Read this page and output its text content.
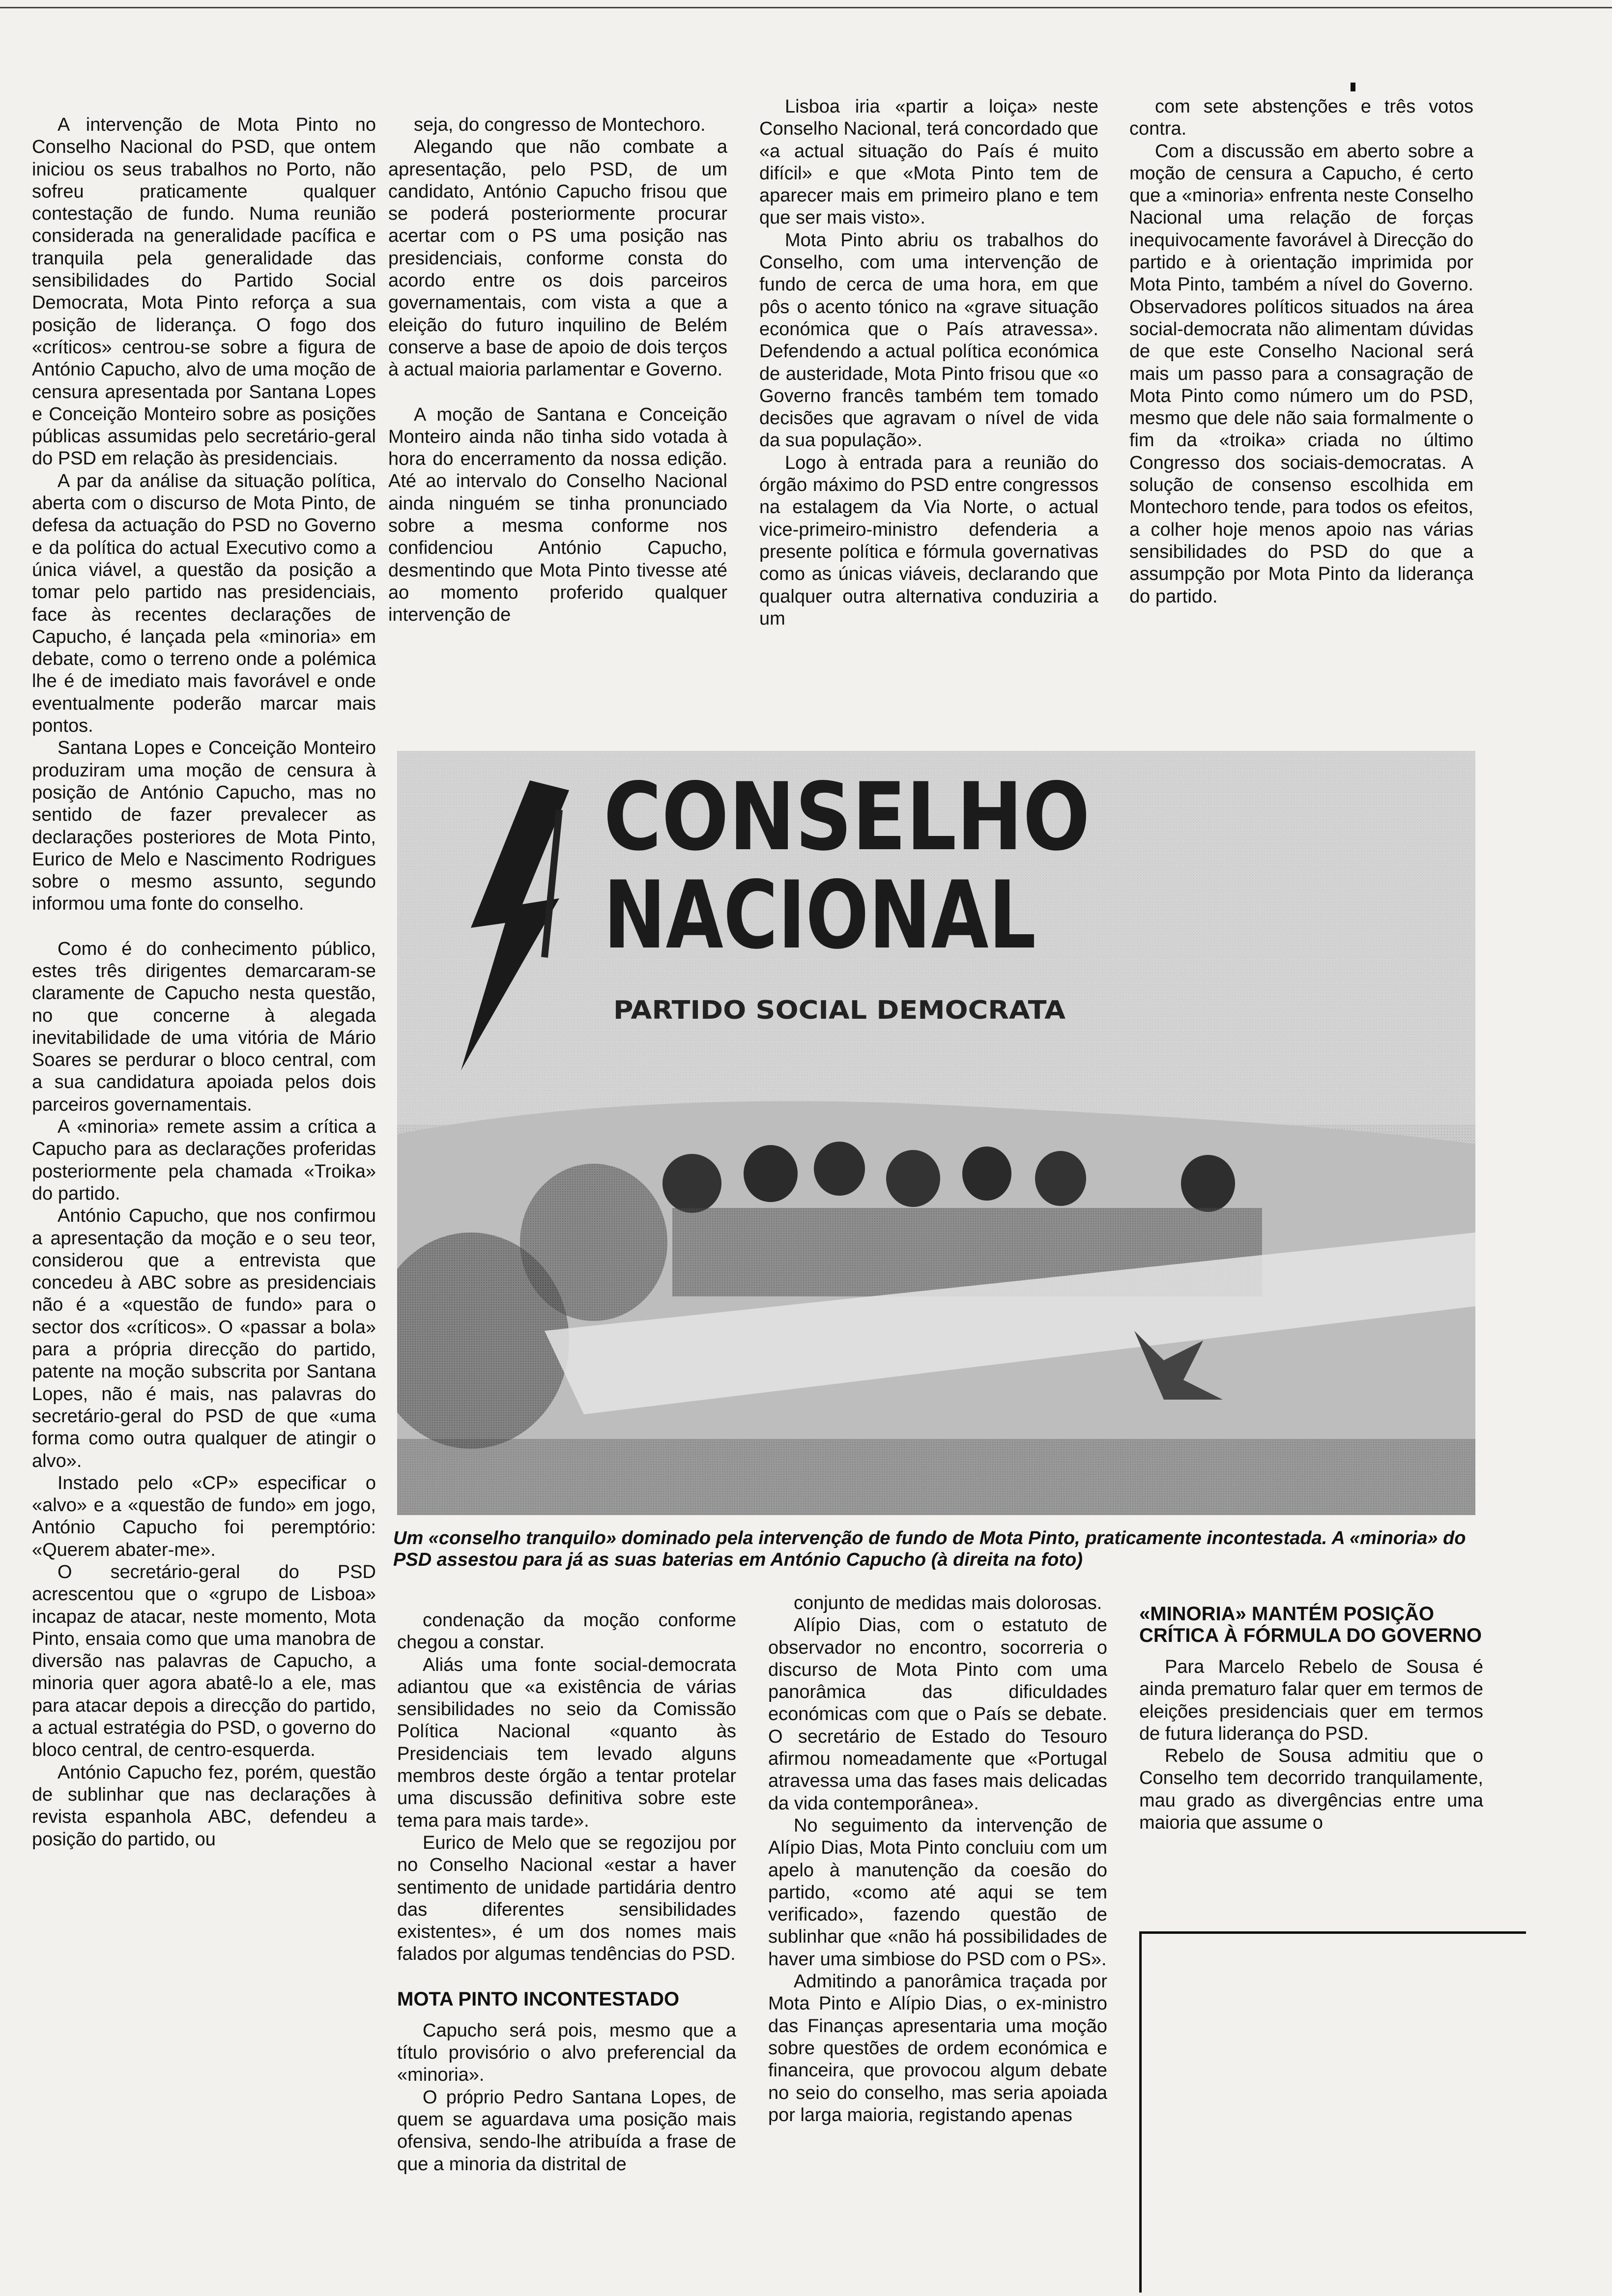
A intervenção de Mota Pinto no Conselho Nacional do PSD, que ontem iniciou os seus trabalhos no Porto, não sofreu praticamente qualquer contestação de fundo. Numa reunião considerada na generalidade pacífica e tranquila pela generalidade das sensibilidades do Partido Social Democrata, Mota Pinto reforça a sua posição de liderança. O fogo dos «críticos» centrou-se sobre a figura de António Capucho, alvo de uma moção de censura apresentada por Santana Lopes e Conceição Monteiro sobre as posições públicas assumidas pelo secretário-geral do PSD em relação às presidenciais.

A par da análise da situação política, aberta com o discurso de Mota Pinto, de defesa da actuação do PSD no Governo e da política do actual Executivo como a única viável, a questão da posição a tomar pelo partido nas presidenciais, face às recentes declarações de Capucho, é lançada pela «minoria» em debate, como o terreno onde a polémica lhe é de imediato mais favorável e onde eventualmente poderão marcar mais pontos.

Santana Lopes e Conceição Monteiro produziram uma moção de censura à posição de António Capucho, mas no sentido de fazer prevalecer as declarações posteriores de Mota Pinto, Eurico de Melo e Nascimento Rodrigues sobre o mesmo assunto, segundo informou uma fonte do conselho.

Como é do conhecimento público, estes três dirigentes demarcaram-se claramente de Capucho nesta questão, no que concerne à alegada inevitabilidade de uma vitória de Mário Soares se perdurar o bloco central, com a sua candidatura apoiada pelos dois parceiros governamentais.

A «minoria» remete assim a crítica a Capucho para as declarações proferidas posteriormente pela chamada «Troika» do partido.

António Capucho, que nos confirmou a apresentação da moção e o seu teor, considerou que a entrevista que concedeu à ABC sobre as presidenciais não é a «questão de fundo» para o sector dos «críticos». O «passar a bola» para a própria direcção do partido, patente na moção subscrita por Santana Lopes, não é mais, nas palavras do secretário-geral do PSD de que «uma forma como outra qualquer de atingir o alvo».

Instado pelo «CP» especificar o «alvo» e a «questão de fundo» em jogo, António Capucho foi peremptório: «Querem abater-me».

O secretário-geral do PSD acrescentou que o «grupo de Lisboa» incapaz de atacar, neste momento, Mota Pinto, ensaia como que uma manobra de diversão nas palavras de Capucho, a minoria quer agora abatê-lo a ele, mas para atacar depois a direcção do partido, a actual estratégia do PSD, o governo do bloco central, de centro-esquerda.

António Capucho fez, porém, questão de sublinhar que nas declarações à revista espanhola ABC, defendeu a posição do partido, ou

seja, do congresso de Montechoro.

Alegando que não combate a apresentação, pelo PSD, de um candidato, António Capucho frisou que se poderá posteriormente procurar acertar com o PS uma posição nas presidenciais, conforme consta do acordo entre os dois parceiros governamentais, com vista a que a eleição do futuro inquilino de Belém conserve a base de apoio de dois terços à actual maioria parlamentar e Governo.

A moção de Santana e Conceição Monteiro ainda não tinha sido votada à hora do encerramento da nossa edição. Até ao intervalo do Conselho Nacional ainda ninguém se tinha pronunciado sobre a mesma conforme nos confidenciou António Capucho, desmentindo que Mota Pinto tivesse até ao momento proferido qualquer intervenção de

Lisboa iria «partir a loiça» neste Conselho Nacional, terá concordado que «a actual situação do País é muito difícil» e que «Mota Pinto tem de aparecer mais em primeiro plano e tem que ser mais visto».

Mota Pinto abriu os trabalhos do Conselho, com uma intervenção de fundo de cerca de uma hora, em que pôs o acento tónico na «grave situação económica que o País atravessa». Defendendo a actual política económica de austeridade, Mota Pinto frisou que «o Governo francês também tem tomado decisões que agravam o nível de vida da sua população».

Logo à entrada para a reunião do órgão máximo do PSD entre congressos na estalagem da Via Norte, o actual vice-primeiro-ministro defenderia a presente política e fórmula governativas como as únicas viáveis, declarando que qualquer outra alternativa conduziria a um

com sete abstenções e três votos contra.

Com a discussão em aberto sobre a moção de censura a Capucho, é certo que a «minoria» enfrenta neste Conselho Nacional uma relação de forças inequivocamente favorável à Direcção do partido e à orientação imprimida por Mota Pinto, também a nível do Governo. Observadores políticos situados na área social-democrata não alimentam dúvidas de que este Conselho Nacional será mais um passo para a consagração de Mota Pinto como número um do PSD, mesmo que dele não saia formalmente o fim da «troika» criada no último Congresso dos sociais-democratas. A solução de consenso escolhida em Montechoro tende, para todos os efeitos, a colher hoje menos apoio nas várias sensibilidades do PSD do que a assumpção por Mota Pinto da liderança do partido.

CONSELHO
NACIONAL
PARTIDO SOCIAL DEMOCRATA
Um «conselho tranquilo» dominado pela intervenção de fundo de Mota Pinto, praticamente incontestada. A «minoria» do PSD assestou para já as suas baterias em António Capucho (à direita na foto)

condenação da moção conforme chegou a constar.

Aliás uma fonte social-democrata adiantou que «a existência de várias sensibilidades no seio da Comissão Política Nacional «quanto às Presidenciais tem levado alguns membros deste órgão a tentar protelar uma discussão definitiva sobre este tema para mais tarde».

Eurico de Melo que se regozijou por no Conselho Nacional «estar a haver sentimento de unidade partidária dentro das diferentes sensibilidades existentes», é um dos nomes mais falados por algumas tendências do PSD.

MOTA PINTO INCONTESTADO

Capucho será pois, mesmo que a título provisório o alvo preferencial da «minoria».

O próprio Pedro Santana Lopes, de quem se aguardava uma posição mais ofensiva, sendo-lhe atribuída a frase de que a minoria da distrital de

conjunto de medidas mais dolorosas.

Alípio Dias, com o estatuto de observador no encontro, socorreria o discurso de Mota Pinto com uma panorâmica das dificuldades económicas com que o País se debate. O secretário de Estado do Tesouro afirmou nomeadamente que «Portugal atravessa uma das fases mais delicadas da vida contemporânea».

No seguimento da intervenção de Alípio Dias, Mota Pinto concluiu com um apelo à manutenção da coesão do partido, «como até aqui se tem verificado», fazendo questão de sublinhar que «não há possibilidades de haver uma simbiose do PSD com o PS».

Admitindo a panorâmica traçada por Mota Pinto e Alípio Dias, o ex-ministro das Finanças apresentaria uma moção sobre questões de ordem económica e financeira, que provocou algum debate no seio do conselho, mas seria apoiada por larga maioria, registando apenas

«MINORIA» MANTÉM POSIÇÃO CRÍTICA À FÓRMULA DO GOVERNO

Para Marcelo Rebelo de Sousa é ainda prematuro falar quer em termos de eleições presidenciais quer em termos de futura liderança do PSD.

Rebelo de Sousa admitiu que o Conselho tem decorrido tranquilamente, mau grado as divergências entre uma maioria que assume o
